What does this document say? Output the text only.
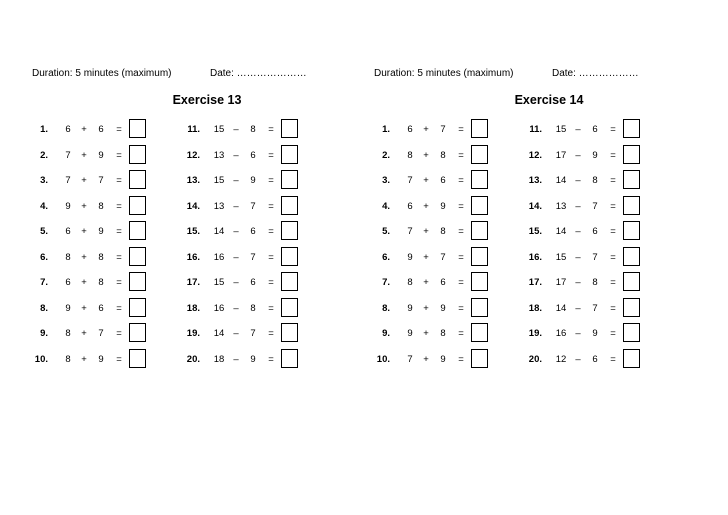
Duration: 5 minutes (maximum)	Date: …………………
Exercise 13
1.	6	+	6	=
2.	7	+	9	=
3.	7	+	7	=
4.	9	+	8	=
5.	6	+	9	=
6.	8	+	8	=
7.	6	+	8	=
8.	9	+	6	=
9.	8	+	7	=
10.	8	+	9	=
11. 15 –	8	=
12. 13 –	6	=
13. 15 –	9	=
14. 13 –	7	=
15. 14 –	6	=
16. 16 –	7	=
17. 15 –	6	=
18. 16 –	8	=
19. 14 –	7	=
20. 18 –	9	=
Duration: 5 minutes (maximum)	Date: ………………
Exercise 14
1.	6	+	7	=
2.	8	+	8	=
3.	7	+	6	=
4.	6	+	9	=
5.	7	+	8	=
6.	9	+	7	=
7.	8	+	6	=
8.	9	+	9	=
9.	9	+	8	=
10.	7	+	9	=
11. 15 –	6	=
12. 17 –	9	=
13. 14 –	8	=
14. 13 –	7	=
15. 14 –	6	=
16. 15 –	7	=
17. 17 –	8	=
18. 14 –	7	=
19. 16 –	9	=
20. 12 –	6	=
